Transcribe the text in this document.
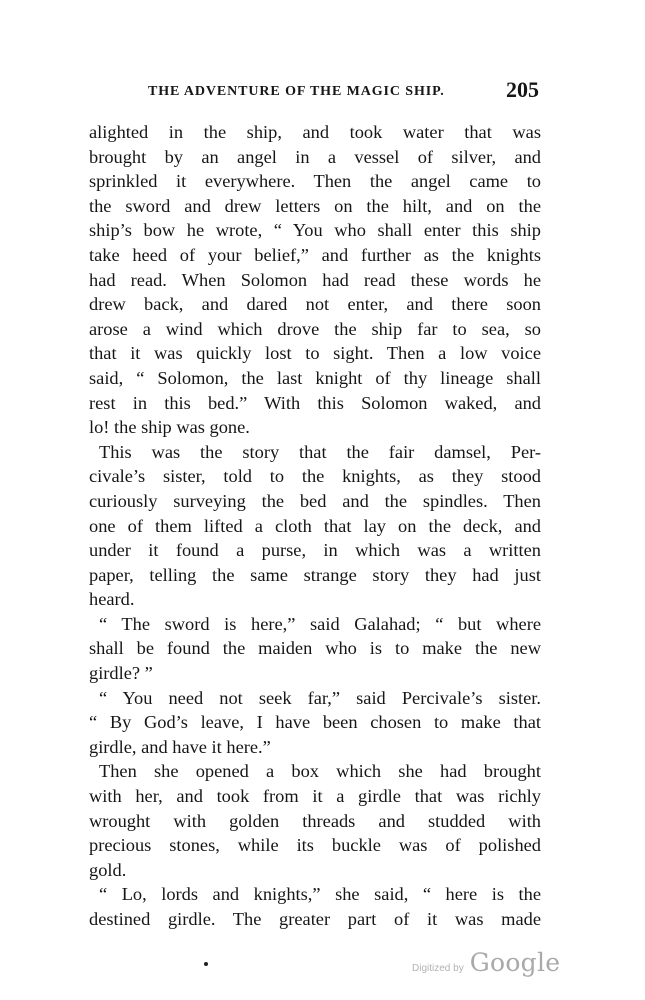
THE ADVENTURE OF THE MAGIC SHIP.	205
alighted in the ship, and took water that was
brought by an angel in a vessel of silver, and
sprinkled it everywhere. Then the angel came to
the sword and drew letters on the hilt, and on the
ship’s bow he wrote, “ You who shall enter this ship
take heed of your belief,” and further as the knights
had read. When Solomon had read these words he
drew back, and dared not enter, and there soon
arose a wind which drove the ship far to sea, so
that it was quickly lost to sight. Then a low voice
said, “ Solomon, the last knight of thy lineage shall
rest in this bed.” With this Solomon waked, and
lo! the ship was gone.
This was the story that the fair damsel, Per-
civale’s sister, told to the knights, as they stood
curiously surveying the bed and the spindles. Then
one of them lifted a cloth that lay on the deck, and
under it found a purse, in which was a written
paper, telling the same strange story they had just
heard.
“ The sword is here,” said Galahad; “ but where
shall be found the maiden who is to make the new
girdle? ”
“ You need not seek far,” said Percivale’s sister.
“ By God’s leave, I have been chosen to make that
girdle, and have it here.”
Then she opened a box which she had brought
with her, and took from it a girdle that was richly
wrought with golden threads and studded with
precious stones, while its buckle was of polished
gold.
“ Lo, lords and knights,” she said, “ here is the
destined girdle. The greater part of it was made
Digitized by Google
